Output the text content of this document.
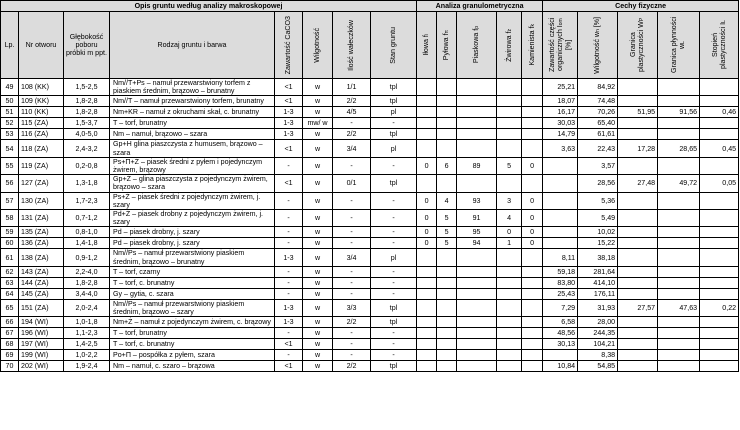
Opis gruntu według analizy makroskopowej								Analiza granulometryczna					Cechy fizyczne				
Lp.	Nr otworu	Głębokość poboru próbki m ppt.	Rodzaj gruntu i barwa	Zawartość CaCO3	Wilgotność	Ilość wałeczków	Stan gruntu	Iłowa $f_i$	Pyłowa $f_\pi$	Piaskowa $f_p$	Żwirowa $f_ż$	Kamienista $f_k$	Zawartość części organicznych $I_{om}$ [%]	Wilgotność $w_n$ [%]	Granica plastyczności $W_P$	Granica płynności $w_L$	Stopień plastyczności $I_L$

49	108 (KK)	1,5-2,5	Nm//T+Ps – namuł przewarstwiony torfem z piaskiem średnim, brązowo – brunatny	<1	w	1/1	tpl						25,21	84,92			
50	109 (KK)	1,8-2,8	Nm//T – namuł przewarstwiony torfem, brunatny	<1	w	2/2	tpl						18,07	74,48			
51	110 (KK)	1,8-2,8	Nm+KR – namuł z okruchami skał, c. brunatny	1-3	w	4/5	pl						16,17	70,26	51,95	91,56	0,46
52	115 (ZA)	1,5-3,7	T – torf, brunatny	1-3	mw/ w	-	-						30,03	65,40			
53	116 (ZA)	4,0-5,0	Nm – namuł, brązowo – szara	1-3	w	2/2	tpl						14,79	61,61			
54	118 (ZA)	2,4-3,2	Gp+H glina piaszczysta z humusem, brązowo – szara	<1	w	3/4	pl						3,63	22,43	17,28	28,65	0,45
55	119 (ZA)	0,2-0,8	Ps+Π+Ż – piasek średni z pyłem i pojedynczym żwirem, brązowy	-	w	-	-	0	6	89	5	0		3,57			
56	127 (ZA)	1,3-1,8	Gp+Ż – glina piaszczysta z pojedynczym żwirem, brązowo – szara	<1	w	0/1	tpl							28,56	27,48	49,72	0,05
57	130 (ZA)	1,7-2,3	Ps+Ż – piasek średni z pojedynczym żwirem, j. szary	-	w	-	-	0	4	93	3	0		5,36			
58	131 (ZA)	0,7-1,2	Pd+Ż – piasek drobny z pojedynczym żwirem, j. szary	-	w	-	-	0	5	91	4	0		5,49			
59	135 (ZA)	0,8-1,0	Pd – piasek drobny, j. szary	-	w	-	-	0	5	95	0	0		10,02			
60	136 (ZA)	1,4-1,8	Pd – piasek drobny, j. szary	-	w	-	-	0	5	94	1	0		15,22			
61	138 (ZA)	0,9-1,2	Nm//Ps – namuł przewarstwiony piaskiem średnim, brązowo – brunatny	1-3	w	3/4	pl						8,11	38,18			
62	143 (ZA)	2,2-4,0	T – torf, czarny	-	w	-	-						59,18	281,64			
63	144 (ZA)	1,8-2,8	T – torf, c. brunatny	-	w	-	-						83,80	414,10			
64	145 (ZA)	3,4-4,0	Gy – gytia, c. szara	-	w	-	-						25,43	176,11			
65	151 (ZA)	2,0-2,4	Nm//Ps – namuł przewarstwiony piaskiem średnim, brązowo – szary	1-3	w	3/3	tpl						7,29	31,93	27,57	47,63	0,22
66	194 (WI)	1,0-1,8	Nm+Ż – namuł z pojedynczym żwirem, c. brązowy	1-3	w	2/2	tpl						6,58	28,00			
67	196 (WI)	1,1-2,3	T – torf, brunatny	-	w	-	-						48,56	244,35			
68	197 (WI)	1,4-2,5	T – torf, c. brunatny	<1	w	-	-						30,13	104,21			
69	199 (WI)	1,0-2,2	Po+Π – pospółka z pyłem, szara	-	w	-	-							8,38			
70	202 (WI)	1,9-2,4	Nm – namuł, c. szaro – brązowa	<1	w	2/2	tpl						10,84	54,85			
